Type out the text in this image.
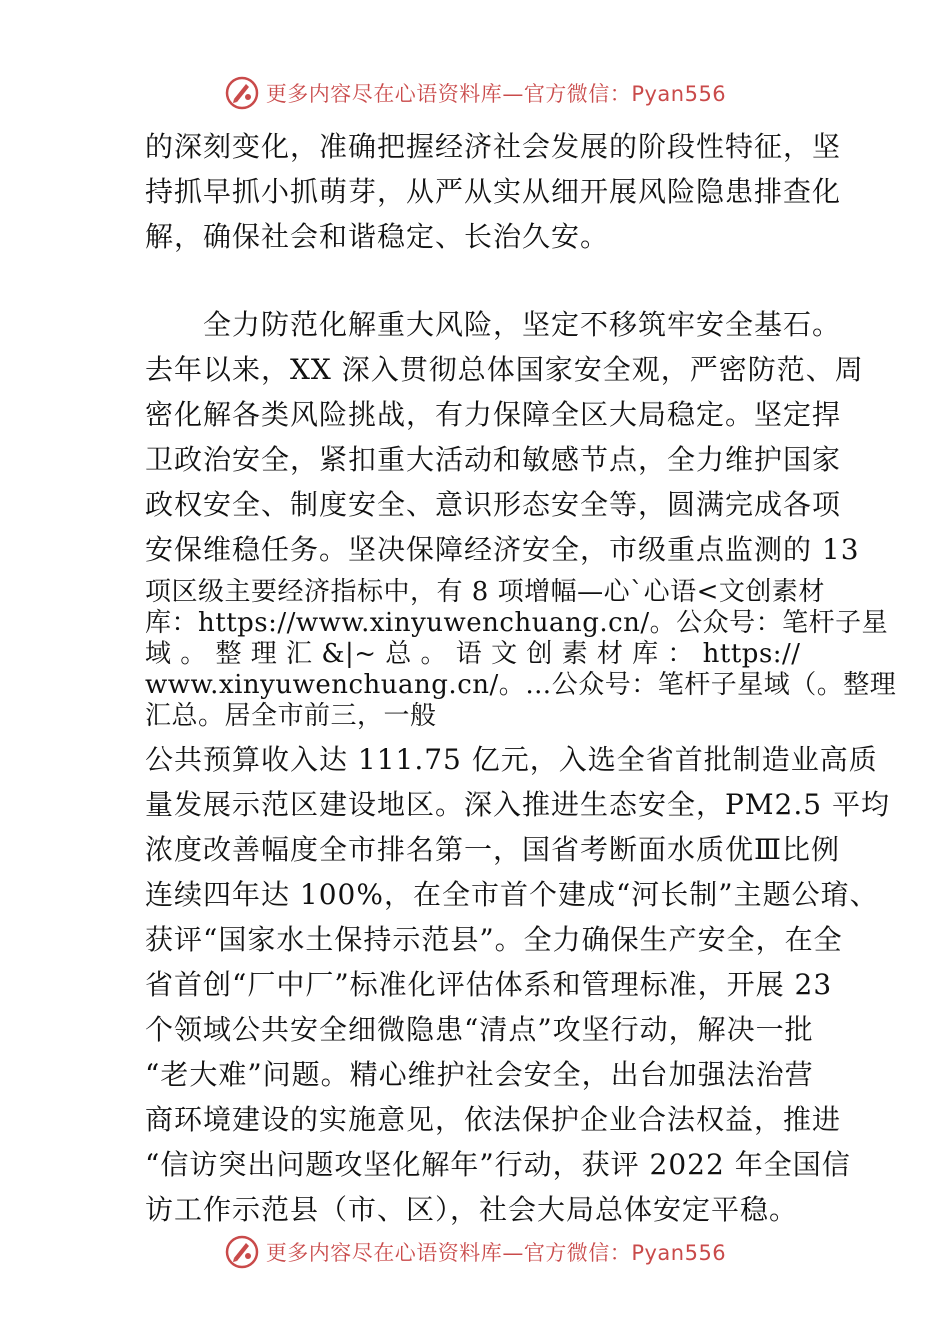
更多内容尽在心语资料库—官方微信：Pyan556
的深刻变化，准确把握经济社会发展的阶段性特征，坚
持抓早抓小抓萌芽，从严从实从细开展风险隐患排查化
解，确保社会和谐稳定、长治久安。
全力防范化解重大风险，坚定不移筑牢安全基石。
去年以来，XX 深入贯彻总体国家安全观，严密防范、周
密化解各类风险挑战，有力保障全区大局稳定。坚定捍
卫政治安全，紧扣重大活动和敏感节点，全力维护国家
政权安全、制度安全、意识形态安全等，圆满完成各项
安保维稳任务。坚决保障经济安全，市级重点监测的 13
项区级主要经济指标中，有 8 项增幅—心`心语<文创素材
库：https://www.xinyuwenchuang.cn/。公众号：笔杆子星
域 。 整 理 汇 &|~ 总 。 语 文 创 素 材 库 ： https://
www.xinyuwenchuang.cn/。…公众号：笔杆子星域（。整理
汇总。居全市前三，一般
公共预算收入达 111.75 亿元，入选全省首批制造业高质
量发展示范区建设地区。深入推进生态安全，PM2.5 平均
浓度改善幅度全市排名第一，国省考断面水质优Ⅲ比例
连续四年达 100%，在全市首个建成“河长制”主题公㻙、
获评“国家水土保持示范县”。全力确保生产安全，在全
省首创“厂中厂”标准化评估体系和管理标准，开展 23
个领域公共安全细微隐患“清点”攻坚行动，解决一批
“老大难”问题。精心维护社会安全，出台加强法治营
商环境建设的实施意见，依法保护企业合法权益，推进
“信访突出问题攻坚化解年”行动，获评 2022 年全国信
访工作示范县（市、区），社会大局总体安定平稳。
更多内容尽在心语资料库—官方微信：Pyan556
